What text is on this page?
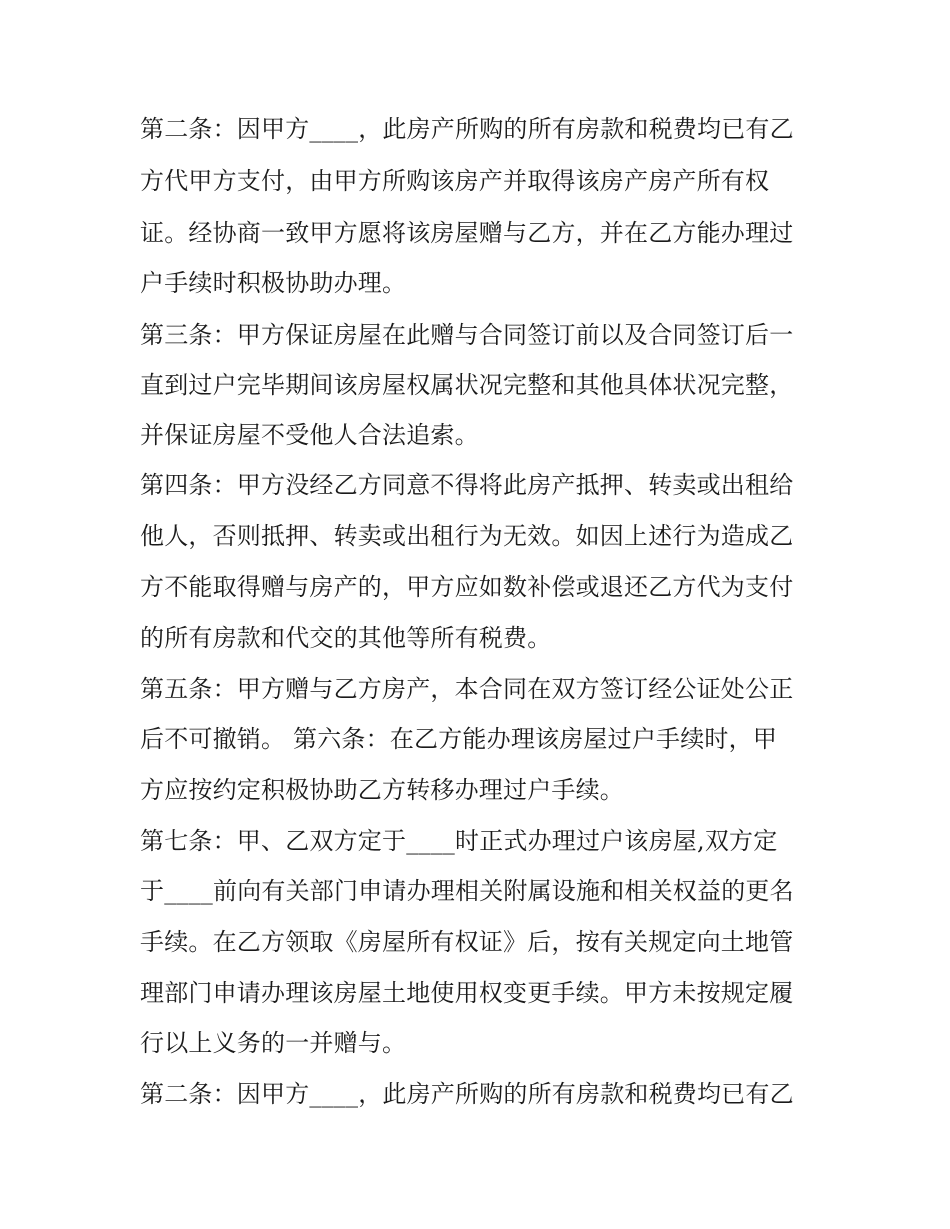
第二条：因甲方____，此房产所购的所有房款和税费均已有乙

方代甲方支付，由甲方所购该房产并取得该房产房产所有权

证。经协商一致甲方愿将该房屋赠与乙方，并在乙方能办理过

户手续时积极协助办理。

第三条：甲方保证房屋在此赠与合同签订前以及合同签订后一

直到过户完毕期间该房屋权属状况完整和其他具体状况完整，

并保证房屋不受他人合法追索。

第四条：甲方没经乙方同意不得将此房产抵押、转卖或出租给

他人，否则抵押、转卖或出租行为无效。如因上述行为造成乙

方不能取得赠与房产的，甲方应如数补偿或退还乙方代为支付

的所有房款和代交的其他等所有税费。

第五条：甲方赠与乙方房产，本合同在双方签订经公证处公正

后不可撤销。 第六条：在乙方能办理该房屋过户手续时，甲

方应按约定积极协助乙方转移办理过户手续。

第七条：甲、乙双方定于____时正式办理过户该房屋,双方定

于____前向有关部门申请办理相关附属设施和相关权益的更名

手续。在乙方领取《房屋所有权证》后，按有关规定向土地管

理部门申请办理该房屋土地使用权变更手续。甲方未按规定履

行以上义务的一并赠与。

第二条：因甲方____，此房产所购的所有房款和税费均已有乙
